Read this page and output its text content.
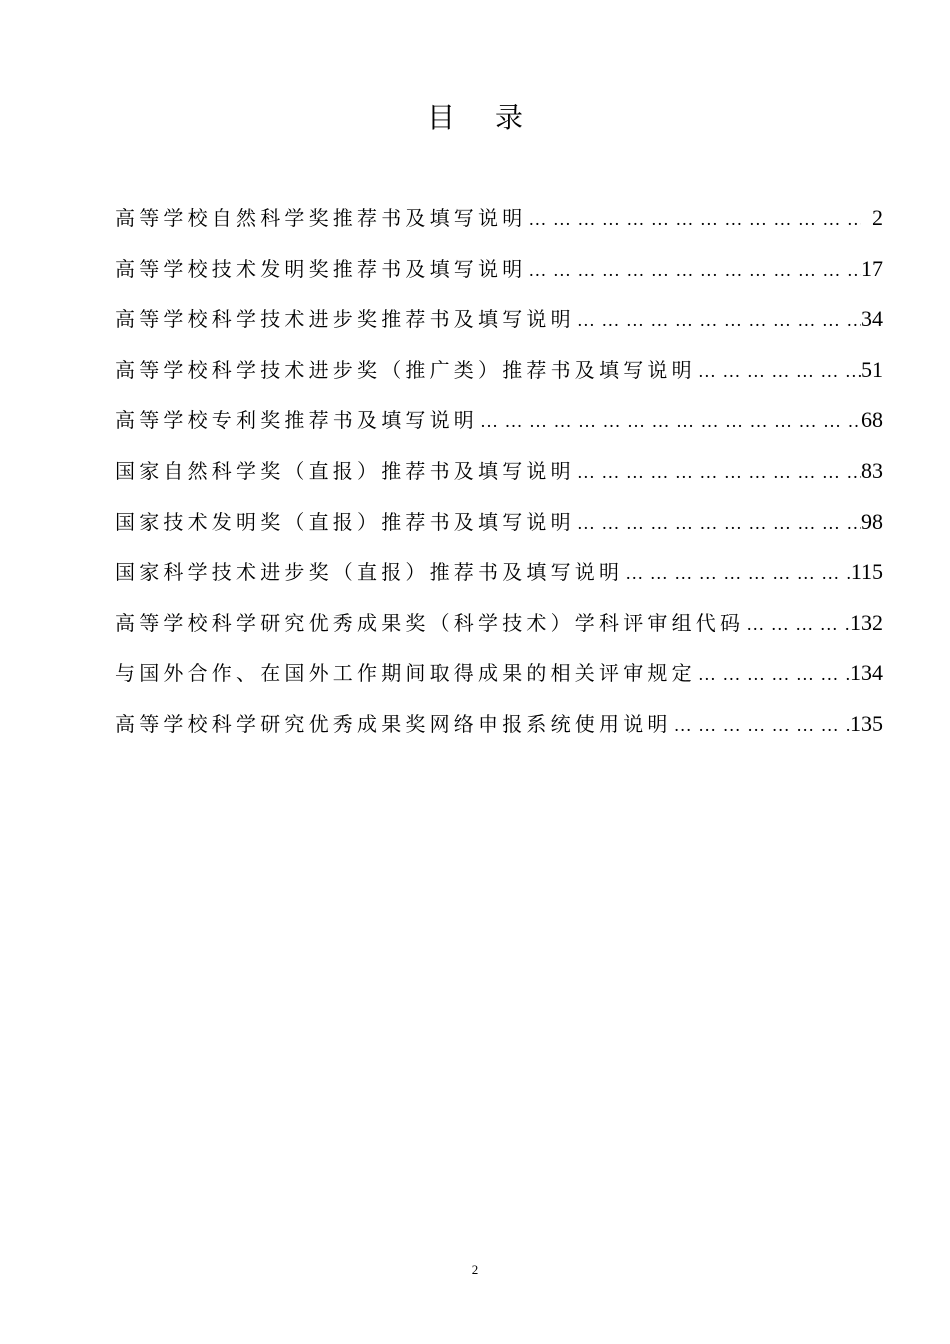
目录
高等学校自然科学奖推荐书及填写说明 … … … … … … … … … … … … … … … … … … … … … … … … … … … … … … … …	2
高等学校技术发明奖推荐书及填写说明 … … … … … … … … … … … … … … … … … … … … … … … … … … … … … … … …	17
高等学校科学技术进步奖推荐书及填写说明 … … … … … … … … … … … … … … … … … … … … … … … … … … … … … … … …	34
高等学校科学技术进步奖（推广类）推荐书及填写说明 … … … … … … … … … … … … … … … … … … … … … … … … … … … … … … … …	51
高等学校专利奖推荐书及填写说明 … … … … … … … … … … … … … … … … … … … … … … … … … … … … … … … …	68
国家自然科学奖（直报）推荐书及填写说明 … … … … … … … … … … … … … … … … … … … … … … … … … … … … … … … …	83
国家技术发明奖（直报）推荐书及填写说明 … … … … … … … … … … … … … … … … … … … … … … … … … … … … … … … …	98
国家科学技术进步奖（直报）推荐书及填写说明 … … … … … … … … … … … … … … … … … … … … … … … … … … … … … … … …	115
高等学校科学研究优秀成果奖（科学技术）学科评审组代码 … … … … … … … … … … … … … … … … … … … … … … … … … … … … … … … …	132
与国外合作、在国外工作期间取得成果的相关评审规定 … … … … … … … … … … … … … … … … … … … … … … … … … … … … … … … …	134
高等学校科学研究优秀成果奖网络申报系统使用说明 … … … … … … … … … … … … … … … … … … … … … … … … … … … … … … … …	135
2
